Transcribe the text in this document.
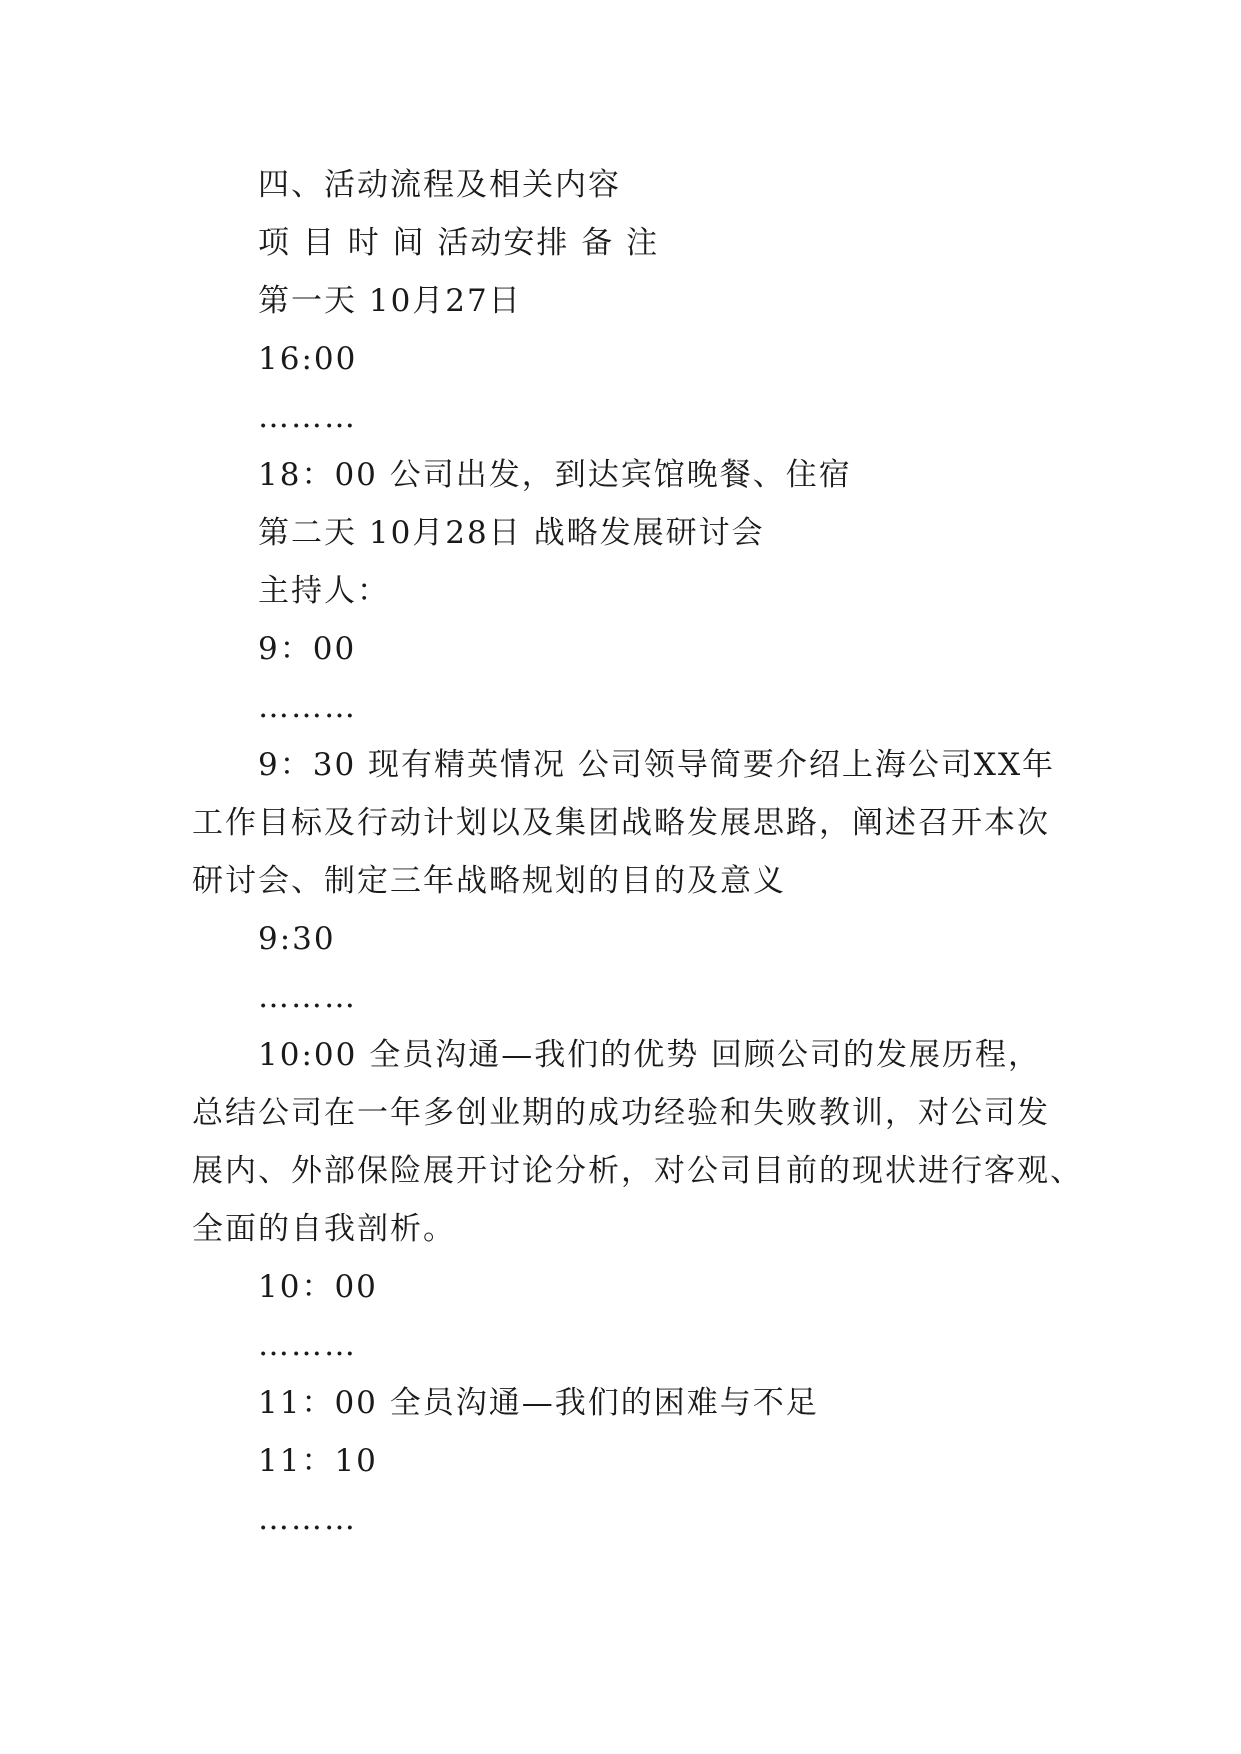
四、活动流程及相关内容
项 目 时 间 活动安排 备 注
第一天 10月27日
16:00
………
18：00 公司出发，到达宾馆晚餐、住宿
第二天 10月28日 战略发展研讨会
主持人：
9：00
………
9：30 现有精英情况 公司领导简要介绍上海公司XX年
工作目标及行动计划以及集团战略发展思路，阐述召开本次
研讨会、制定三年战略规划的目的及意义
9:30
………
10:00 全员沟通—我们的优势 回顾公司的发展历程，
总结公司在一年多创业期的成功经验和失败教训，对公司发
展内、外部保险展开讨论分析，对公司目前的现状进行客观、
全面的自我剖析。
10：00
………
11：00 全员沟通—我们的困难与不足
11：10
………
